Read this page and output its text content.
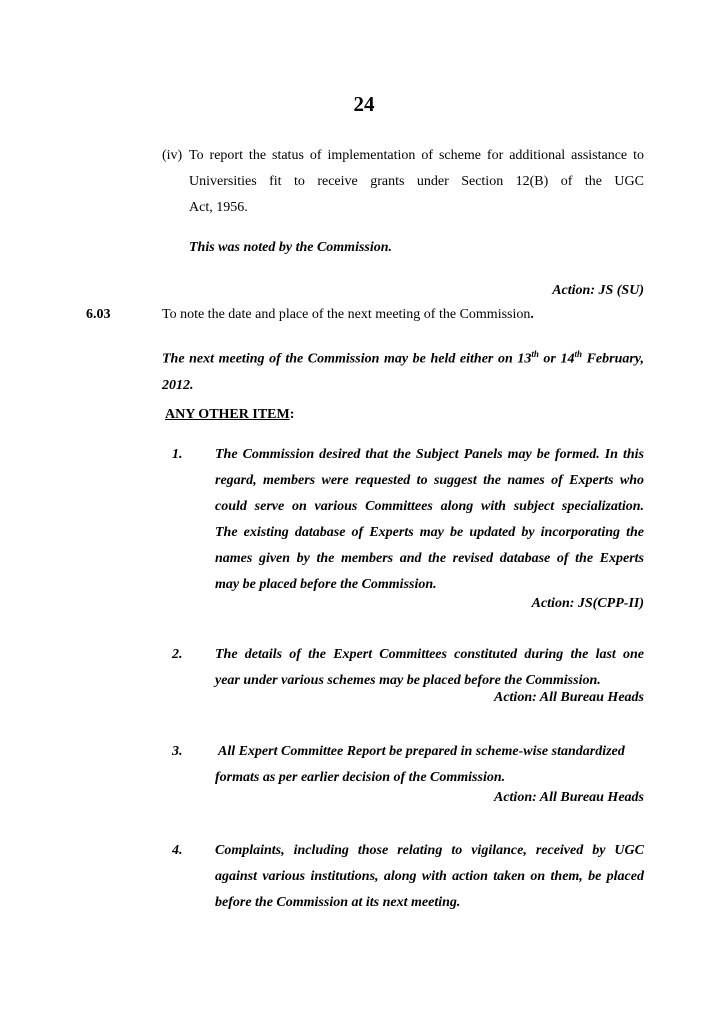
24
(iv) To report the status of implementation of scheme for additional assistance to
Universities fit to receive grants under Section 12(B) of the UGC
Act, 1956.
This was noted by the Commission.
Action: JS (SU)
6.03	To note the date and place of the next meeting of the Commission.
The next meeting of the Commission may be held either on 13th or 14th February,
2012.
ANY OTHER ITEM:
1. The Commission desired that the Subject Panels may be formed. In this
regard, members were requested to suggest the names of Experts who
could serve on various Committees along with subject specialization.
The existing database of Experts may be updated by incorporating the
names given by the members and the revised database of the Experts
may be placed before the Commission.
Action: JS(CPP-II)
2. The details of the Expert Committees constituted during the last one
year under various schemes may be placed before the Commission.
Action: All Bureau Heads
3. All Expert Committee Report be prepared in scheme-wise standardized
formats as per earlier decision of the Commission.
Action: All Bureau Heads
4. Complaints, including those relating to vigilance, received by UGC
against various institutions, along with action taken on them, be placed
before the Commission at its next meeting.
